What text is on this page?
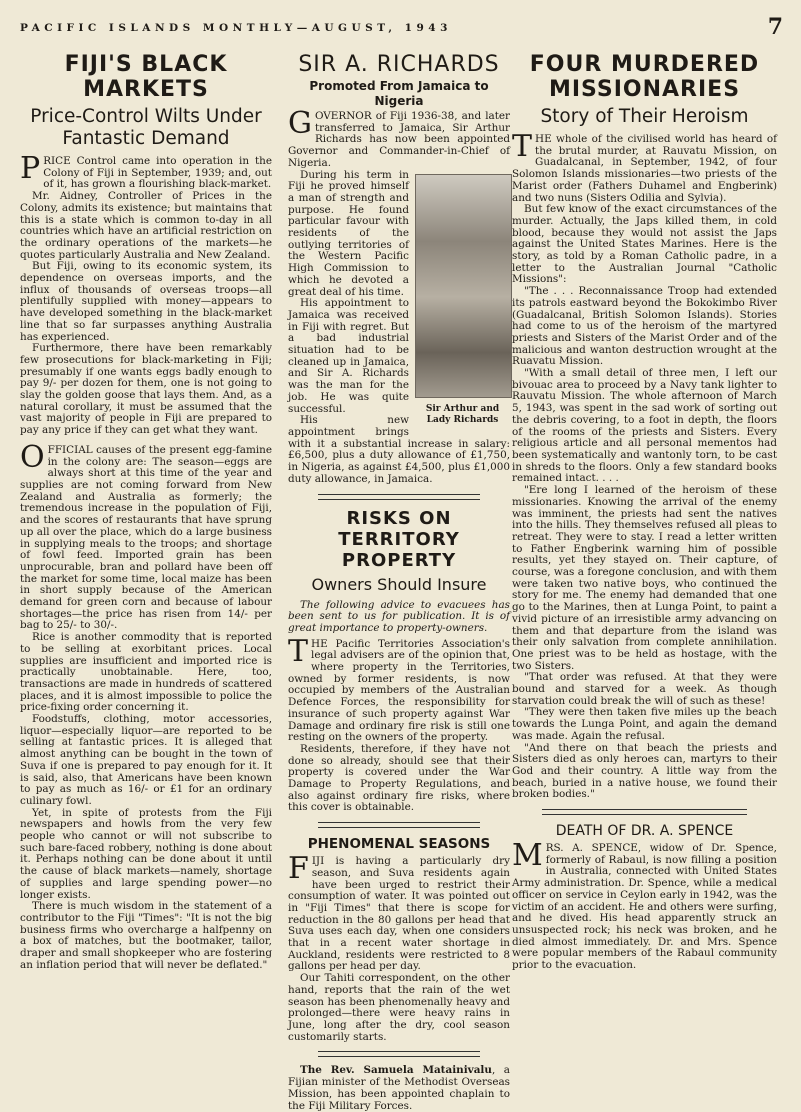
PACIFIC ISLANDS MONTHLY—AUGUST, 1943	7
FIJI'S BLACK MARKETS
Price-Control Wilts Under Fantastic Demand

PRICE Control came into operation in the Colony of Fiji in September, 1939; and, out of it, has grown a flourishing black-market.

Mr. Aidney, Controller of Prices in the Colony, admits its existence; but maintains that this is a state which is common to-day in all countries which have an artificial restriction on the ordinary operations of the markets—he quotes particularly Australia and New Zealand.

But Fiji, owing to its economic system, its dependence on overseas imports, and the influx of thousands of overseas troops—all plentifully supplied with money—appears to have developed something in the black-market line that so far surpasses anything Australia has experienced.

Furthermore, there have been remarkably few prosecutions for black-marketing in Fiji; presumably if one wants eggs badly enough to pay 9/- per dozen for them, one is not going to slay the golden goose that lays them. And, as a natural corollary, it must be assumed that the vast majority of people in Fiji are prepared to pay any price if they can get what they want.

OFFICIAL causes of the present egg-famine in the colony are: The season—eggs are always short at this time of the year and supplies are not coming forward from New Zealand and Australia as formerly; the tremendous increase in the population of Fiji, and the scores of restaurants that have sprung up all over the place, which do a large business in supplying meals to the troops; and shortage of fowl feed. Imported grain has been unprocurable, bran and pollard have been off the market for some time, local maize has been in short supply because of the American demand for green corn and because of labour shortages—the price has risen from 14/- per bag to 25/- to 30/-.

Rice is another commodity that is reported to be selling at exorbitant prices. Local supplies are insufficient and imported rice is practically unobtainable. Here, too, transactions are made in hundreds of scattered places, and it is almost impossible to police the price-fixing order concerning it.

Foodstuffs, clothing, motor accessories, liquor—especially liquor—are reported to be selling at fantastic prices. It is alleged that almost anything can be bought in the town of Suva if one is prepared to pay enough for it. It is said, also, that Americans have been known to pay as much as 16/- or £1 for an ordinary culinary fowl.

Yet, in spite of protests from the Fiji newspapers and howls from the very few people who cannot or will not subscribe to such bare-faced robbery, nothing is done about it. Perhaps nothing can be done about it until the cause of black markets—namely, shortage of supplies and large spending power—no longer exists.

There is much wisdom in the statement of a contributor to the Fiji "Times": "It is not the big business firms who overcharge a halfpenny on a box of matches, but the bootmaker, tailor, draper and small shopkeeper who are fostering an inflation period that will never be deflated."

SIR A. RICHARDS
Promoted From Jamaica to Nigeria

GOVERNOR of Fiji 1936-38, and later transferred to Jamaica, Sir Arthur Richards has now been appointed Governor and Commander-in-Chief of Nigeria.

Sir Arthur and Lady Richards

During his term in Fiji he proved himself a man of strength and purpose. He found particular favour with residents of the outlying territories of the Western Pacific High Commission to which he devoted a great deal of his time.

His appointment to Jamaica was received in Fiji with regret. But a bad industrial situation had to be cleaned up in Jamaica, and Sir A. Richards was the man for the job. He was quite successful.

His new appointment brings with it a substantial increase in salary: £6,500, plus a duty allowance of £1,750, in Nigeria, as against £4,500, plus £1,000 duty allowance, in Jamaica.

RISKS ON TERRITORY PROPERTY
Owners Should Insure

The following advice to evacuees has been sent to us for publication. It is of great importance to property-owners.

THE Pacific Territories Association's legal advisers are of the opinion that, where property in the Territories, owned by former residents, is now occupied by members of the Australian Defence Forces, the responsibility for insurance of such property against War Damage and ordinary fire risk is still one resting on the owners of the property.

Residents, therefore, if they have not done so already, should see that their property is covered under the War Damage to Property Regulations, and also against ordinary fire risks, where this cover is obtainable.

PHENOMENAL SEASONS

FIJI is having a particularly dry season, and Suva residents again have been urged to restrict their consumption of water. It was pointed out in "Fiji Times" that there is scope for reduction in the 80 gallons per head that Suva uses each day, when one considers that in a recent water shortage in Auckland, residents were restricted to 8 gallons per head per day.

Our Tahiti correspondent, on the other hand, reports that the rain of the wet season has been phenomenally heavy and prolonged—there were heavy rains in June, long after the dry, cool season customarily starts.

The Rev. Samuela Matainivalu, a Fijian minister of the Methodist Overseas Mission, has been appointed chaplain to the Fiji Military Forces.

FOUR MURDERED MISSIONARIES
Story of Their Heroism

THE whole of the civilised world has heard of the brutal murder, at Rauvatu Mission, on Guadalcanal, in September, 1942, of four Solomon Islands missionaries—two priests of the Marist order (Fathers Duhamel and Engberink) and two nuns (Sisters Odilia and Sylvia).

But few know of the exact circumstances of the murder. Actually, the Japs killed them, in cold blood, because they would not assist the Japs against the United States Marines. Here is the story, as told by a Roman Catholic padre, in a letter to the Australian Journal "Catholic Missions":

"The . . . Reconnaissance Troop had extended its patrols eastward beyond the Bokokimbo River (Guadalcanal, British Solomon Islands). Stories had come to us of the heroism of the martyred priests and Sisters of the Marist Order and of the malicious and wanton destruction wrought at the Ruavatu Mission.

"With a small detail of three men, I left our bivouac area to proceed by a Navy tank lighter to Rauvatu Mission. The whole afternoon of March 5, 1943, was spent in the sad work of sorting out the debris covering, to a foot in depth, the floors of the rooms of the priests and Sisters. Every religious article and all personal mementos had been systematically and wantonly torn, to be cast in shreds to the floors. Only a few standard books remained intact. . . .

"Ere long I learned of the heroism of these missionaries. Knowing the arrival of the enemy was imminent, the priests had sent the natives into the hills. They themselves refused all pleas to retreat. They were to stay. I read a letter written to Father Engberink warning him of possible results, yet they stayed on. Their capture, of course, was a foregone conclusion, and with them were taken two native boys, who continued the story for me. The enemy had demanded that one go to the Marines, then at Lunga Point, to paint a vivid picture of an irresistible army advancing on them and that departure from the island was their only salvation from complete annihilation. One priest was to be held as hostage, with the two Sisters.

"That order was refused. At that they were bound and starved for a week. As though starvation could break the will of such as these!

"They were then taken five miles up the beach towards the Lunga Point, and again the demand was made. Again the refusal.

"And there on that beach the priests and Sisters died as only heroes can, martyrs to their God and their country. A little way from the beach, buried in a native house, we found their broken bodies."

DEATH OF DR. A. SPENCE

MRS. A. SPENCE, widow of Dr. Spence, formerly of Rabaul, is now filling a position in Australia, connected with United States Army administration. Dr. Spence, while a medical officer on service in Ceylon early in 1942, was the victim of an accident. He and others were surfing, and he dived. His head apparently struck an unsuspected rock; his neck was broken, and he died almost immediately. Dr. and Mrs. Spence were popular members of the Rabaul community prior to the evacuation.
